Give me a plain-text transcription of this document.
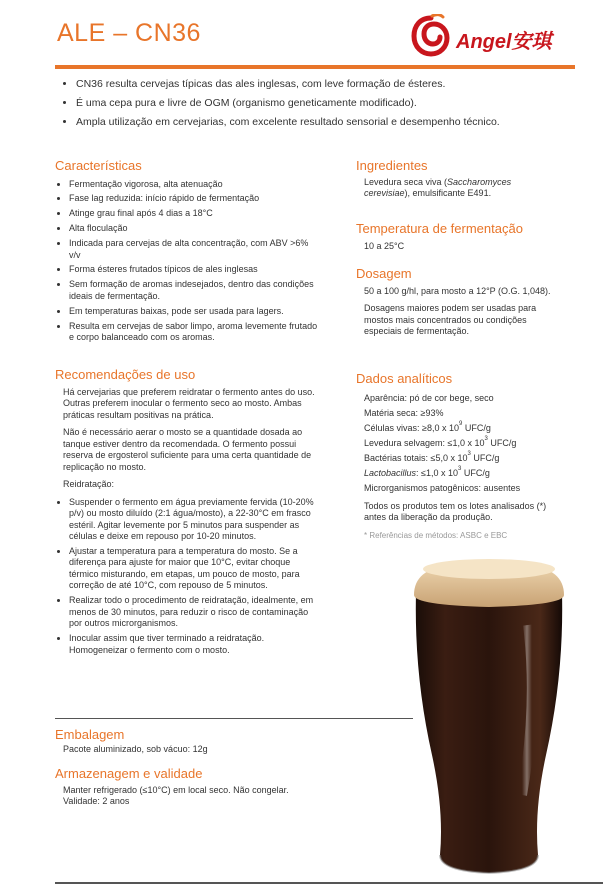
ALE – CN36	Angel安琪
• CN36 resulta cervejas típicas das ales inglesas, com leve formação de ésteres.
• É uma cepa pura e livre de OGM (organismo geneticamente modificado).
• Ampla utilização em cervejarias, com excelente resultado sensorial e desempenho técnico.
Características
• Fermentação vigorosa, alta atenuação
• Fase lag reduzida: início rápido de fermentação
• Atinge grau final após 4 dias a 18°C
• Alta floculação
• Indicada para cervejas de alta concentração, com ABV >6% v/v
• Forma ésteres frutados típicos de ales inglesas
• Sem formação de aromas indesejados, dentro das condições ideais de fermentação.
• Em temperaturas baixas, pode ser usada para lagers.
• Resulta em cervejas de sabor limpo, aroma levemente frutado e corpo balanceado com os aromas.
Recomendações de uso

Há cervejarias que preferem reidratar o fermento antes do uso. Outras preferem inocular o fermento seco ao mosto. Ambas práticas resultam positivas na prática.

Não é necessário aerar o mosto se a quantidade dosada ao tanque estiver dentro da recomendada. O fermento possui reserva de ergosterol suficiente para uma certa quantidade de replicação no mosto.

Reidratação:

• Suspender o fermento em água previamente fervida (10-20% p/v) ou mosto diluído (2:1 água/mosto), a 22-30°C em frasco estéril. Agitar levemente por 5 minutos para suspender as células e deixe em repouso por 10-20 minutos.
• Ajustar a temperatura para a temperatura do mosto. Se a diferença para ajuste for maior que 10°C, evitar choque térmico misturando, em etapas, um pouco de mosto, para correção de até 10°C, com repouso de 5 minutos.
• Realizar todo o procedimento de reidratação, idealmente, em menos de 30 minutos, para reduzir o risco de contaminação por outros microrganismos.
• Inocular assim que tiver terminado a reidratação. Homogeneizar o fermento com o mosto.
Embalagem
Pacote aluminizado, sob vácuo: 12g
Armazenagem e validade
Manter refrigerado (≤10°C) em local seco. Não congelar.
Validade: 2 anos
Ingredientes
Levedura seca viva (Saccharomyces cerevisiae), emulsificante E491.
Temperatura de fermentação
10 a 25°C
Dosagem

50 a 100 g/hl, para mosto a 12°P (O.G. 1,048).

Dosagens maiores podem ser usadas para mostos mais concentrados ou condições especiais de fermentação.

Dados analíticos
Aparência: pó de cor bege, seco
Matéria seca: ≥93%
Células vivas: ≥8,0 x $10^9$ UFC/g
Levedura selvagem: ≤1,0 x $10^3$ UFC/g
Bactérias totais: ≤5,0 x $10^3$ UFC/g
Lactobacillus: ≤1,0 x $10^3$ UFC/g
Microrganismos patogênicos: ausentes

Todos os produtos tem os lotes analisados (*) antes da liberação da produção.

* Referências de métodos: ASBC e EBC
